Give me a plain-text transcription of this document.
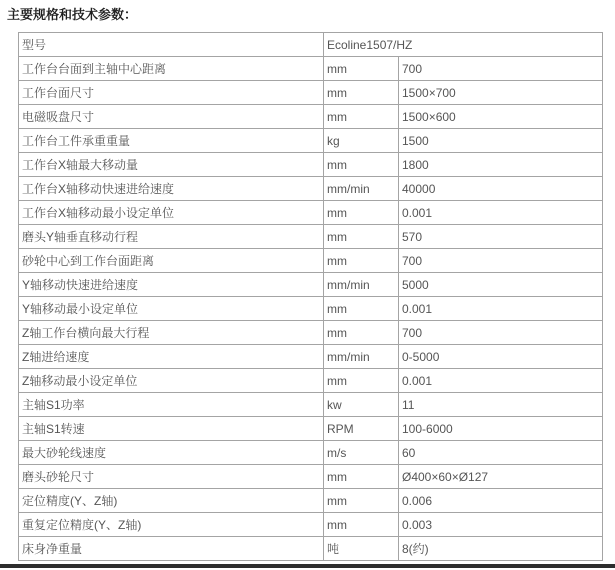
主要规格和技术参数：
型号	Ecoline1507/HZ	
工作台台面到主轴中心距离	mm	700
工作台面尺寸	mm	1500×700
电磁吸盘尺寸	mm	1500×600
工作台工件承重重量	kg	1500
工作台X轴最大移动量	mm	1800
工作台X轴移动快速进给速度	mm/min	40000
工作台X轴移动最小设定单位	mm	0.001
磨头Y轴垂直移动行程	mm	570
砂轮中心到工作台面距离	mm	700
Y轴移动快速进给速度	mm/min	5000
Y轴移动最小设定单位	mm	0.001
Z轴工作台横向最大行程	mm	700
Z轴进给速度	mm/min	0-5000
Z轴移动最小设定单位	mm	0.001
主轴S1功率	kw	11
主轴S1转速	RPM	100-6000
最大砂轮线速度	m/s	60
磨头砂轮尺寸	mm	Ø400×60×Ø127
定位精度(Y、Z轴)	mm	0.006
重复定位精度(Y、Z轴)	mm	0.003
床身净重量	吨	8(约)
